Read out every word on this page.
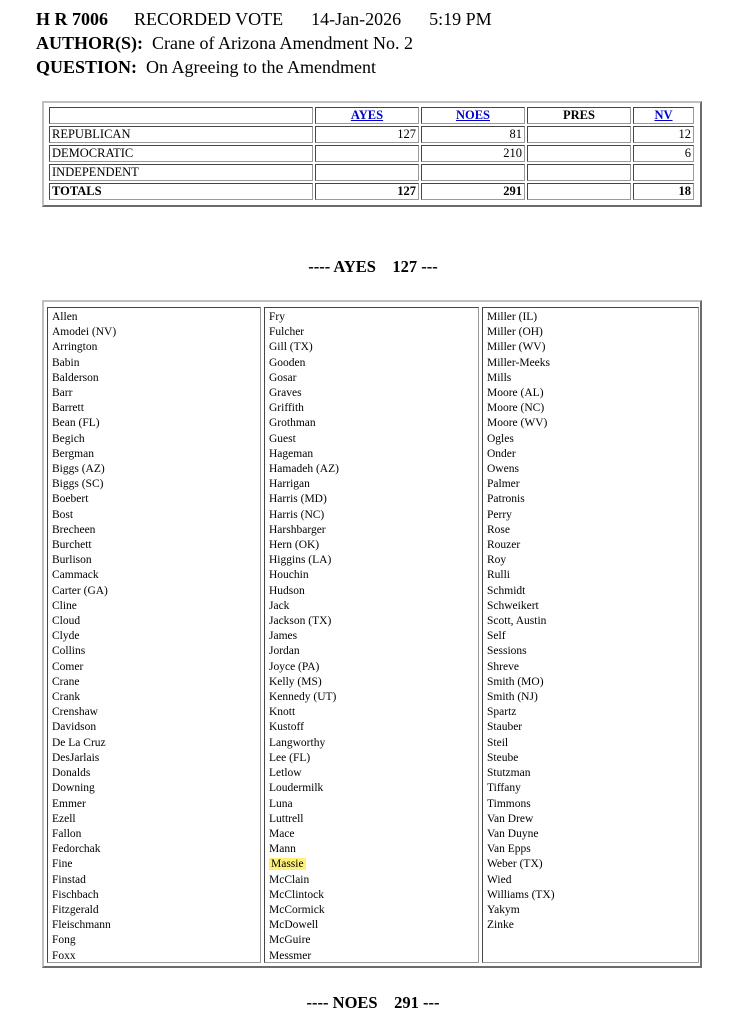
H R 7006 RECORDED VOTE 14-Jan-2026 5:19 PM
AUTHOR(S): Crane of Arizona Amendment No. 2
QUESTION: On Agreeing to the Amendment
	AYES	NOES	PRES	NV
REPUBLICAN	127	81		12
DEMOCRATIC		210		6
INDEPENDENT				
TOTALS	127	291		18
---- AYES    127 ---
Allen
Amodei (NV)
Arrington
Babin
Balderson
Barr
Barrett
Bean (FL)
Begich
Bergman
Biggs (AZ)
Biggs (SC)
Boebert
Bost
Brecheen
Burchett
Burlison
Cammack
Carter (GA)
Cline
Cloud
Clyde
Collins
Comer
Crane
Crank
Crenshaw
Davidson
De La Cruz
DesJarlais
Donalds
Downing
Emmer
Ezell
Fallon
Fedorchak
Fine
Finstad
Fischbach
Fitzgerald
Fleischmann
Fong
Foxx
Fry
Fulcher
Gill (TX)
Gooden
Gosar
Graves
Griffith
Grothman
Guest
Hageman
Hamadeh (AZ)
Harrigan
Harris (MD)
Harris (NC)
Harshbarger
Hern (OK)
Higgins (LA)
Houchin
Hudson
Jack
Jackson (TX)
James
Jordan
Joyce (PA)
Kelly (MS)
Kennedy (UT)
Knott
Kustoff
Langworthy
Lee (FL)
Letlow
Loudermilk
Luna
Luttrell
Mace
Mann
Massie
McClain
McClintock
McCormick
McDowell
McGuire
Messmer
Miller (IL)
Miller (OH)
Miller (WV)
Miller-Meeks
Mills
Moore (AL)
Moore (NC)
Moore (WV)
Ogles
Onder
Owens
Palmer
Patronis
Perry
Rose
Rouzer
Roy
Rulli
Schmidt
Schweikert
Scott, Austin
Self
Sessions
Shreve
Smith (MO)
Smith (NJ)
Spartz
Stauber
Steil
Steube
Stutzman
Tiffany
Timmons
Van Drew
Van Duyne
Van Epps
Weber (TX)
Wied
Williams (TX)
Yakym
Zinke
---- NOES    291 ---
